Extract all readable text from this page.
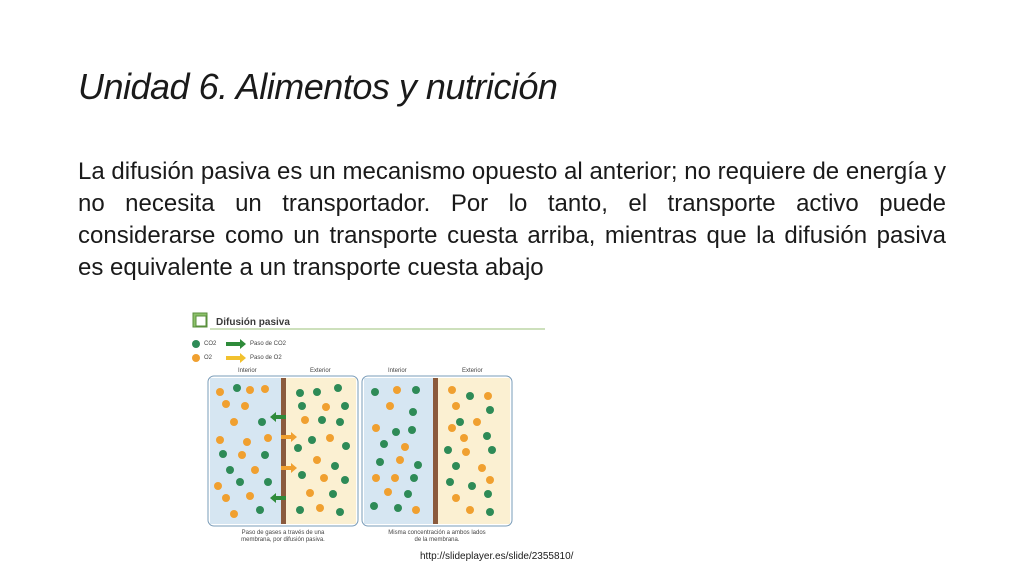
Unidad 6. Alimentos y nutrición
La difusión pasiva es un mecanismo opuesto al anterior; no requiere de energía y no necesita un transportador. Por lo tanto, el transporte activo puede considerarse como un transporte cuesta arriba, mientras que la difusión pasiva es equivalente a un transporte cuesta abajo
Difusión pasiva
CO2
O2
Paso de CO2
Paso de O2
Interior	Exterior	Interior	Exterior
Paso de gases a través de una
membrana, por difusión pasiva.
Misma concentración a ambos lados
de la membrana.
http://slideplayer.es/slide/2355810/
